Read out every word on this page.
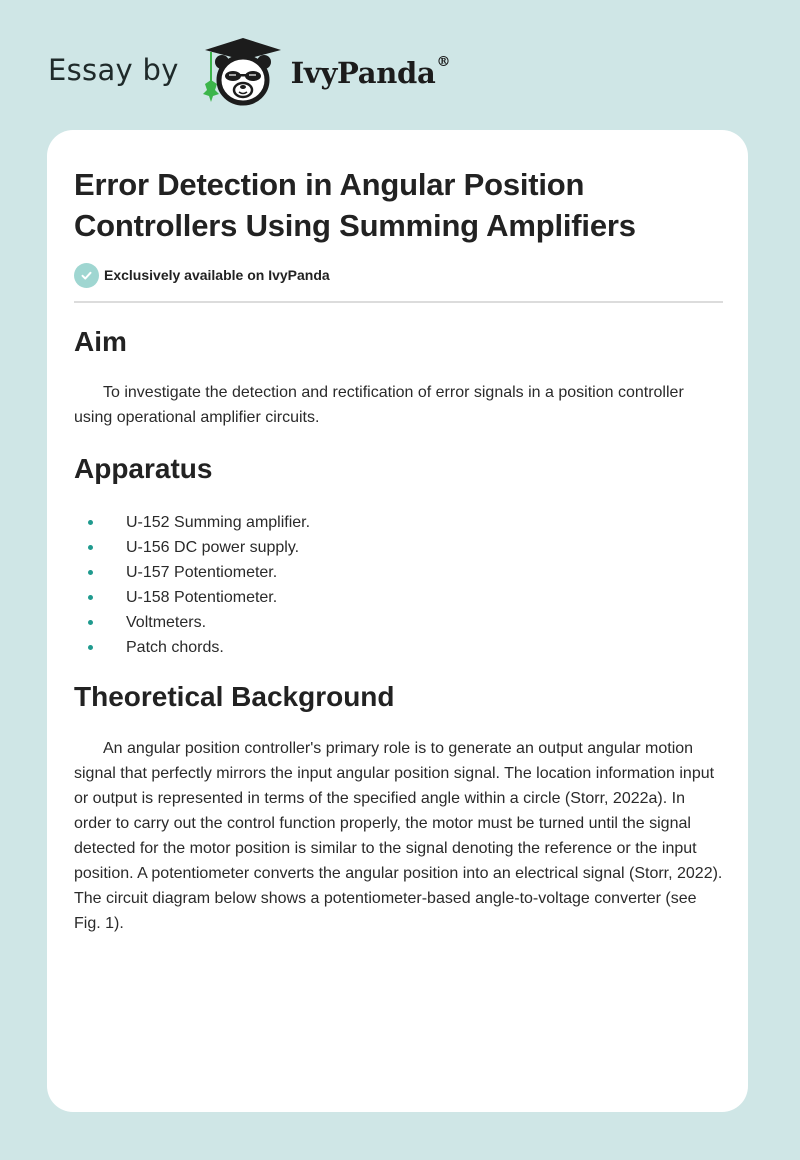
Essay by	IvyPanda®
Error Detection in Angular Position Controllers Using Summing Amplifiers
Exclusively available on IvyPanda
Aim

To investigate the detection and rectification of error signals in a position controller using operational amplifier circuits.

Apparatus
U-152 Summing amplifier.
U-156 DC power supply.
U-157 Potentiometer.
U-158 Potentiometer.
Voltmeters.
Patch chords.
Theoretical Background

An angular position controller's primary role is to generate an output angular motion signal that perfectly mirrors the input angular position signal. The location information input or output is represented in terms of the specified angle within a circle (Storr, 2022a). In order to carry out the control function properly, the motor must be turned until the signal detected for the motor position is similar to the signal denoting the reference or the input position. A potentiometer converts the angular position into an electrical signal (Storr, 2022). The circuit diagram below shows a potentiometer-based angle-to-voltage converter (see Fig. 1).
